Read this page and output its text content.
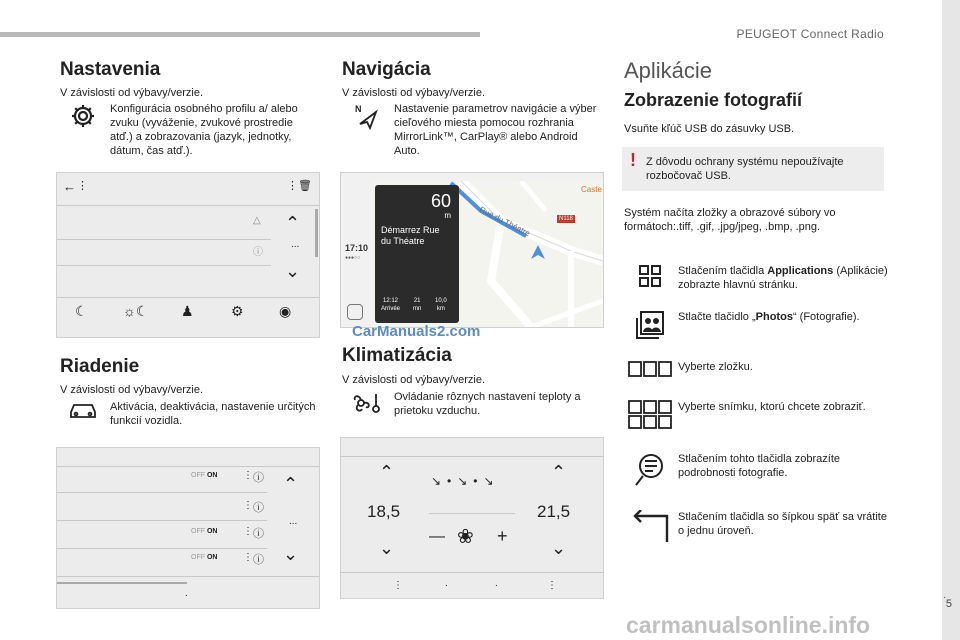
PEUGEOT Connect Radio
.
5
Nastavenia
V závislosti od výbavy/verzie.
Konfigurácia osobného profilu a/ alebo zvuku (vyváženie, zvukové prostredie atď.) a zobrazovania (jazyk, jednotky, dátum, čas atď.).
← ⋮	⋮ 🗑
△
ⓘ
⌃
...
⌄
☾	☼☾ ♟	⚙	◉
Riadenie
V závislosti od výbavy/verzie.
Aktivácia, deaktivácia, nastavenie určitých funkcií vozidla.
OFF ON	⋮ ⓘ
⋮ ⓘ
OFF ON	⋮ ⓘ
OFF ON	⋮ ⓘ
⌃
...
⌄
.
Navigácia
V závislosti od výbavy/verzie.
N	Nastavenie parametrov navigácie a výber cieľového miesta pomocou rozhrania MirrorLink™, CarPlay® alebo Android Auto.
Rue du Théatre	N118
Caste
17:10
●●●○○
60
m
Démarrez Rue du Théatre
12:12
Arrivée
21
mn
10,0
km
Klimatizácia
V závislosti od výbavy/verzie.
Ovládanie rôznych nastavení teploty a prietoku vzduchu.
⌃
⌄
18,5
⌃
⌄
21,5
↘•↘•↘
— ❀ +
⋮	.	.	⋮
CarManuals2.com
Aplikácie
Zobrazenie fotografií
Vsuňte kľúč USB do zásuvky USB.
! Z dôvodu ochrany systému nepoužívajte rozbočovač USB.
Systém načíta zložky a obrazové súbory vo formátoch:.tiff, .gif, .jpg/jpeg, .bmp, .png.
Stlačením tlačidla Applications (Aplikácie) zobrazte hlavnú stránku.
Stlačte tlačidlo „Photos“ (Fotografie).
Vyberte zložku.
Vyberte snímku, ktorú chcete zobraziť.
Stlačením tohto tlačidla zobrazíte podrobnosti fotografie.
Stlačením tlačidla so šípkou späť sa vrátite o jednu úroveň.
carmanualsonline.info
